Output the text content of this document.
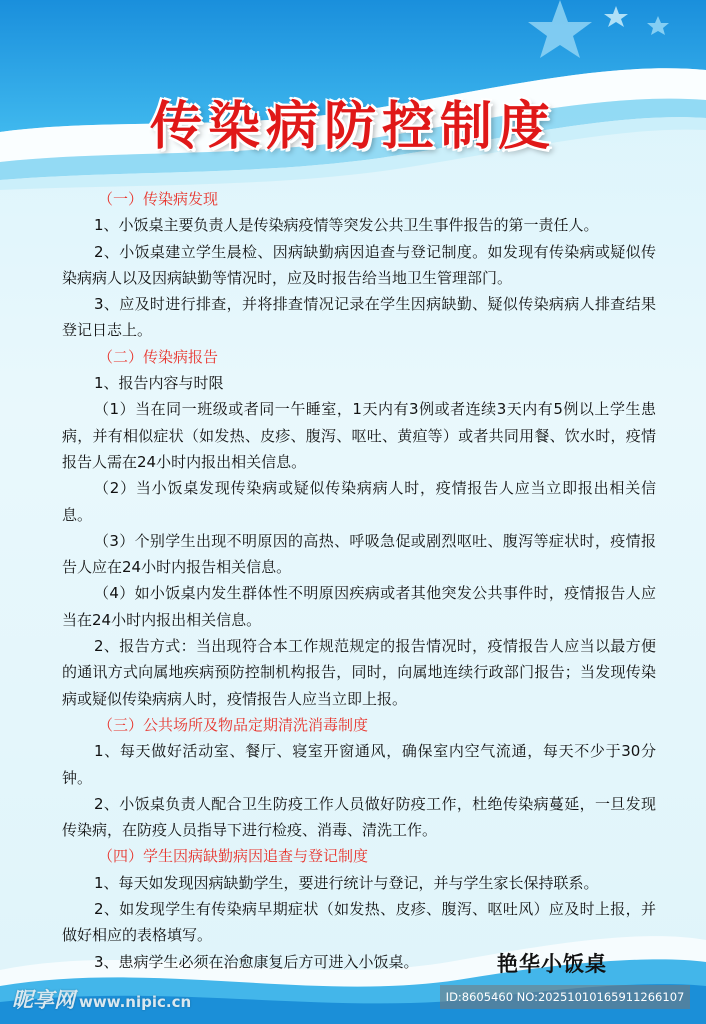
传染病防控制度

（一）传染病发现

1、小饭桌主要负责人是传染病疫情等突发公共卫生事件报告的第一责任人。

2、小饭桌建立学生晨检、因病缺勤病因追查与登记制度。如发现有传染病或疑似传染病病人以及因病缺勤等情况时，应及时报告给当地卫生管理部门。

3、应及时进行排查，并将排查情况记录在学生因病缺勤、疑似传染病病人排查结果登记日志上。

（二）传染病报告

1、报告内容与时限

（1）当在同一班级或者同一午睡室，1天内有3例或者连续3天内有5例以上学生患病，并有相似症状（如发热、皮疹、腹泻、呕吐、黄疸等）或者共同用餐、饮水时，疫情报告人需在24小时内报出相关信息。

（2）当小饭桌发现传染病或疑似传染病病人时，疫情报告人应当立即报出相关信息。

（3）个别学生出现不明原因的高热、呼吸急促或剧烈呕吐、腹泻等症状时，疫情报告人应在24小时内报告相关信息。

（4）如小饭桌内发生群体性不明原因疾病或者其他突发公共事件时，疫情报告人应当在24小时内报出相关信息。

2、报告方式：当出现符合本工作规范规定的报告情况时，疫情报告人应当以最方便的通讯方式向属地疾病预防控制机构报告，同时，向属地连续行政部门报告；当发现传染病或疑似传染病病人时，疫情报告人应当立即上报。

（三）公共场所及物品定期清洗消毒制度

1、每天做好活动室、餐厅、寝室开窗通风，确保室内空气流通，每天不少于30分钟。

2、小饭桌负责人配合卫生防疫工作人员做好防疫工作，杜绝传染病蔓延，一旦发现传染病，在防疫人员指导下进行检疫、消毒、清洗工作。

（四）学生因病缺勤病因追查与登记制度

1、每天如发现因病缺勤学生，要进行统计与登记，并与学生家长保持联系。

2、如发现学生有传染病早期症状（如发热、皮疹、腹泻、呕吐风）应及时上报，并做好相应的表格填写。

3、患病学生必须在治愈康复后方可进入小饭桌。	艳华小饭桌
昵享网 www.nipic.cn	ID:8605460 NO:20251010165911266107
